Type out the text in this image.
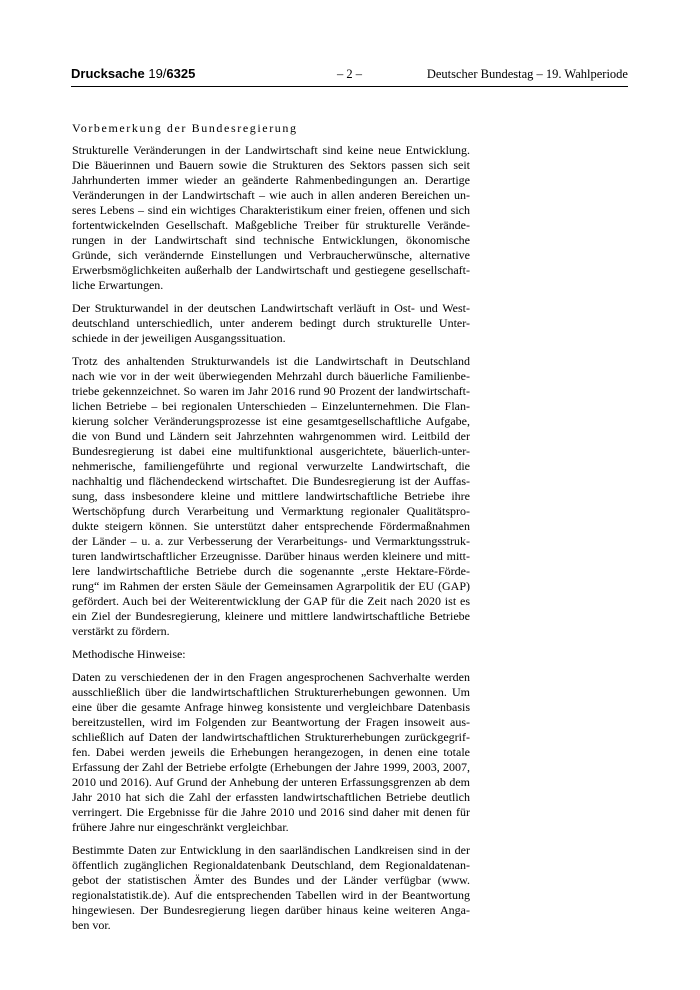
Drucksache 19/6325	– 2 –	Deutscher Bundestag – 19. Wahlperiode
Vorbemerkung der Bundesregierung
Strukturelle Veränderungen in der Landwirtschaft sind keine neue Entwicklung.
Die Bäuerinnen und Bauern sowie die Strukturen des Sektors passen sich seit
Jahrhunderten immer wieder an geänderte Rahmenbedingungen an. Derartige
Veränderungen in der Landwirtschaft – wie auch in allen anderen Bereichen un-
seres Lebens – sind ein wichtiges Charakteristikum einer freien, offenen und sich
fortentwickelnden Gesellschaft. Maßgebliche Treiber für strukturelle Verände-
rungen in der Landwirtschaft sind technische Entwicklungen, ökonomische
Gründe, sich verändernde Einstellungen und Verbraucherwünsche, alternative
Erwerbsmöglichkeiten außerhalb der Landwirtschaft und gestiegene gesellschaft-
liche Erwartungen.
Der Strukturwandel in der deutschen Landwirtschaft verläuft in Ost- und West-
deutschland unterschiedlich, unter anderem bedingt durch strukturelle Unter-
schiede in der jeweiligen Ausgangssituation.
Trotz des anhaltenden Strukturwandels ist die Landwirtschaft in Deutschland
nach wie vor in der weit überwiegenden Mehrzahl durch bäuerliche Familienbe-
triebe gekennzeichnet. So waren im Jahr 2016 rund 90 Prozent der landwirtschaft-
lichen Betriebe – bei regionalen Unterschieden – Einzelunternehmen. Die Flan-
kierung solcher Veränderungsprozesse ist eine gesamtgesellschaftliche Aufgabe,
die von Bund und Ländern seit Jahrzehnten wahrgenommen wird. Leitbild der
Bundesregierung ist dabei eine multifunktional ausgerichtete, bäuerlich-unter-
nehmerische, familiengeführte und regional verwurzelte Landwirtschaft, die
nachhaltig und flächendeckend wirtschaftet. Die Bundesregierung ist der Auffas-
sung, dass insbesondere kleine und mittlere landwirtschaftliche Betriebe ihre
Wertschöpfung durch Verarbeitung und Vermarktung regionaler Qualitätspro-
dukte steigern können. Sie unterstützt daher entsprechende Fördermaßnahmen
der Länder – u. a. zur Verbesserung der Verarbeitungs- und Vermarktungsstruk-
turen landwirtschaftlicher Erzeugnisse. Darüber hinaus werden kleinere und mitt-
lere landwirtschaftliche Betriebe durch die sogenannte „erste Hektare-Förde-
rung“ im Rahmen der ersten Säule der Gemeinsamen Agrarpolitik der EU (GAP)
gefördert. Auch bei der Weiterentwicklung der GAP für die Zeit nach 2020 ist es
ein Ziel der Bundesregierung, kleinere und mittlere landwirtschaftliche Betriebe
verstärkt zu fördern.
Methodische Hinweise:
Daten zu verschiedenen der in den Fragen angesprochenen Sachverhalte werden
ausschließlich über die landwirtschaftlichen Strukturerhebungen gewonnen. Um
eine über die gesamte Anfrage hinweg konsistente und vergleichbare Datenbasis
bereitzustellen, wird im Folgenden zur Beantwortung der Fragen insoweit aus-
schließlich auf Daten der landwirtschaftlichen Strukturerhebungen zurückgegrif-
fen. Dabei werden jeweils die Erhebungen herangezogen, in denen eine totale
Erfassung der Zahl der Betriebe erfolgte (Erhebungen der Jahre 1999, 2003, 2007,
2010 und 2016). Auf Grund der Anhebung der unteren Erfassungsgrenzen ab dem
Jahr 2010 hat sich die Zahl der erfassten landwirtschaftlichen Betriebe deutlich
verringert. Die Ergebnisse für die Jahre 2010 und 2016 sind daher mit denen für
frühere Jahre nur eingeschränkt vergleichbar.
Bestimmte Daten zur Entwicklung in den saarländischen Landkreisen sind in der
öffentlich zugänglichen Regionaldatenbank Deutschland, dem Regionaldatenan-
gebot der statistischen Ämter des Bundes und der Länder verfügbar (www.
regionalstatistik.de). Auf die entsprechenden Tabellen wird in der Beantwortung
hingewiesen. Der Bundesregierung liegen darüber hinaus keine weiteren Anga-
ben vor.
